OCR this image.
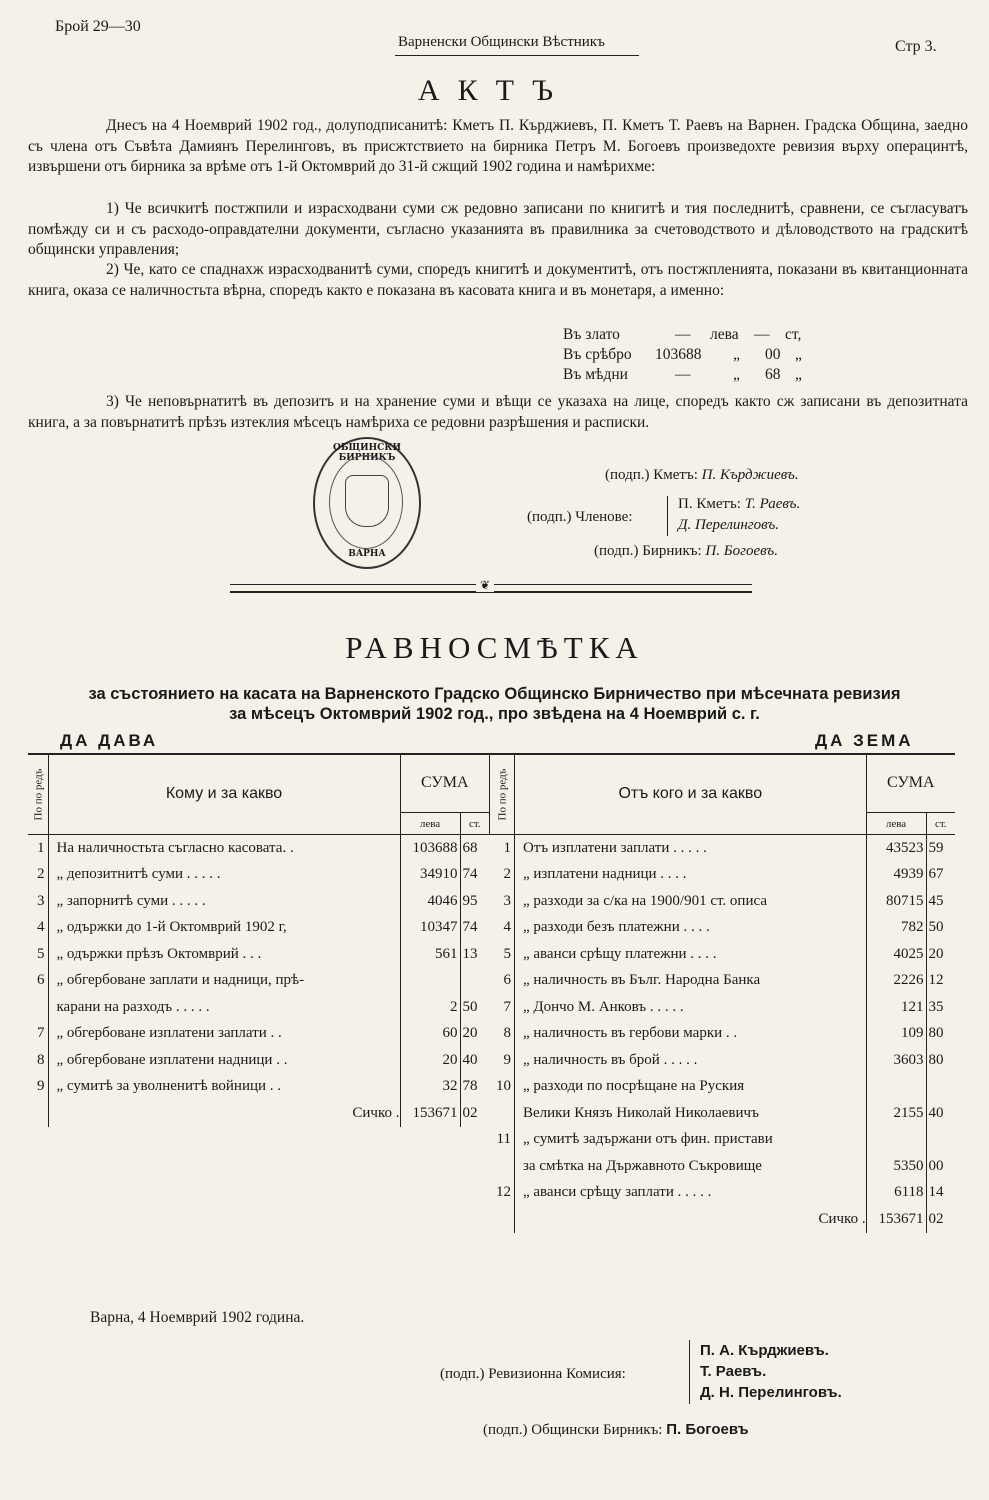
Брой 29—30
Варненски Общински Вѣстникъ	Стр 3.
АКТЪ
Днесъ на 4 Ноемврий 1902 год., долуподписанитѣ: Кметъ П. Кърджиевъ, П. Кметъ Т. Раевъ на Варнен. Градска Община, заедно съ члена отъ Съвѣта Дамиянъ Перелинговъ, въ присжтствието на бирника Петръ М. Богоевъ произведохте ревизия върху операцинтѣ, извършени отъ бирника за врѣме отъ 1-й Октомврий до 31-й сжщий 1902 година и намѣрихме:
1) Че всичкитѣ постжпили и израсходвани суми сж редовно записани по книгитѣ и тия последнитѣ, сравнени, се съгласуватъ помѣжду си и съ расходо-оправдателни документи, съгласно указанията въ правилника за счетоводството и дѣловодството на градскитѣ общински управления;
2) Че, като се спаднахж израсходванитѣ суми, споредъ книгитѣ и документитѣ, отъ постжпленията, показани въ квитанционната книга, оказа се наличностьта вѣрна, споредъ както е показана въ касовата книга и въ монетаря, а именно:
Въ злато	— лева — ст,
Въ срѣбро 103688 „ 00 „
Въ мѣдни	—	„ 68 „
3) Че неповърнатитѣ въ депозитъ и на хранение суми и вѣщи се указаха на лице, споредъ както сж записани въ депозитната книга, а за повърнатитѣ прѣзъ изтеклия мѣсецъ намѣриха се редовни разрѣшения и расписки.
ОБЩИНСКИ БИРНИКЪ
ВАРНА
(подп.) Кметъ: П. Кърджиевъ.
(подп.) Членове:
П. Кметъ: Т. Раевъ.
Д. Перелинговъ.
(подп.) Бирникъ: П. Богоевъ.
❦
РАВНОСМѢТКА
за състоянието на касата на Варненското Градско Общинско Бирничество при мѣсечната ревизия
за мѣсецъ Октомврий 1902 год., про звѣдена на 4 Ноемврий с. г.
ДА ДАВА	ДА ЗЕМА
По по редъ	Кому и за какво	СУМА	
		лева	ст.
1	На наличностьта съгласно касовата. .	103688	68
2	„ депозитнитѣ суми . . . . .	34910	74
3	„ запорнитѣ суми . . . . .	4046	95
4	„ одържки до 1-й Октомврий 1902 г,	10347	74
5	„ одържки прѣзъ Октомврий . . .	561	13
6	„ обгербоване заплати и надници, прѣ-		
	карани на разходъ . . . . .	2	50
7	„ обгербоване изплатени заплати . .	60	20
8	„ обгербоване изплатени надници . .	20	40
9	„ сумитѣ за уволненитѣ войници . .	32	78
	Сичко .	153671	02
По по редъ	Отъ кого и за какво	СУМА	
		лева	ст.
1	Отъ изплатени заплати . . . . .	43523	59
2	„ изплатени надници . . . .	4939	67
3	„ разходи за с/ка на 1900/901 ст. описа	80715	45
4	„ разходи безъ платежни . . . .	782	50
5	„ аванси срѣщу платежни . . . .	4025	20
6	„ наличность въ Бълг. Народна Банка	2226	12
7	„ Дончо М. Анковъ . . . . .	121	35
8	„ наличность въ гербови марки . .	109	80
9	„ наличность въ брой . . . . .	3603	80
10	„ разходи по посрѣщане на Руския		
	Велики Князъ Николай Николаевичъ	2155	40
11	„ сумитѣ задържани отъ фин. пристави		
	за смѣтка на Държавното Съкровище	5350	00
12	„ аванси срѣщу заплати . . . . .	6118	14
	Сичко .	153671	02
Варна, 4 Ноемврий 1902 година.
(подп.) Ревизионна Комисия:
П. А. Кърджиевъ.
Т. Раевъ.
Д. Н. Перелинговъ.
(подп.) Общински Бирникъ: П. Богоевъ
